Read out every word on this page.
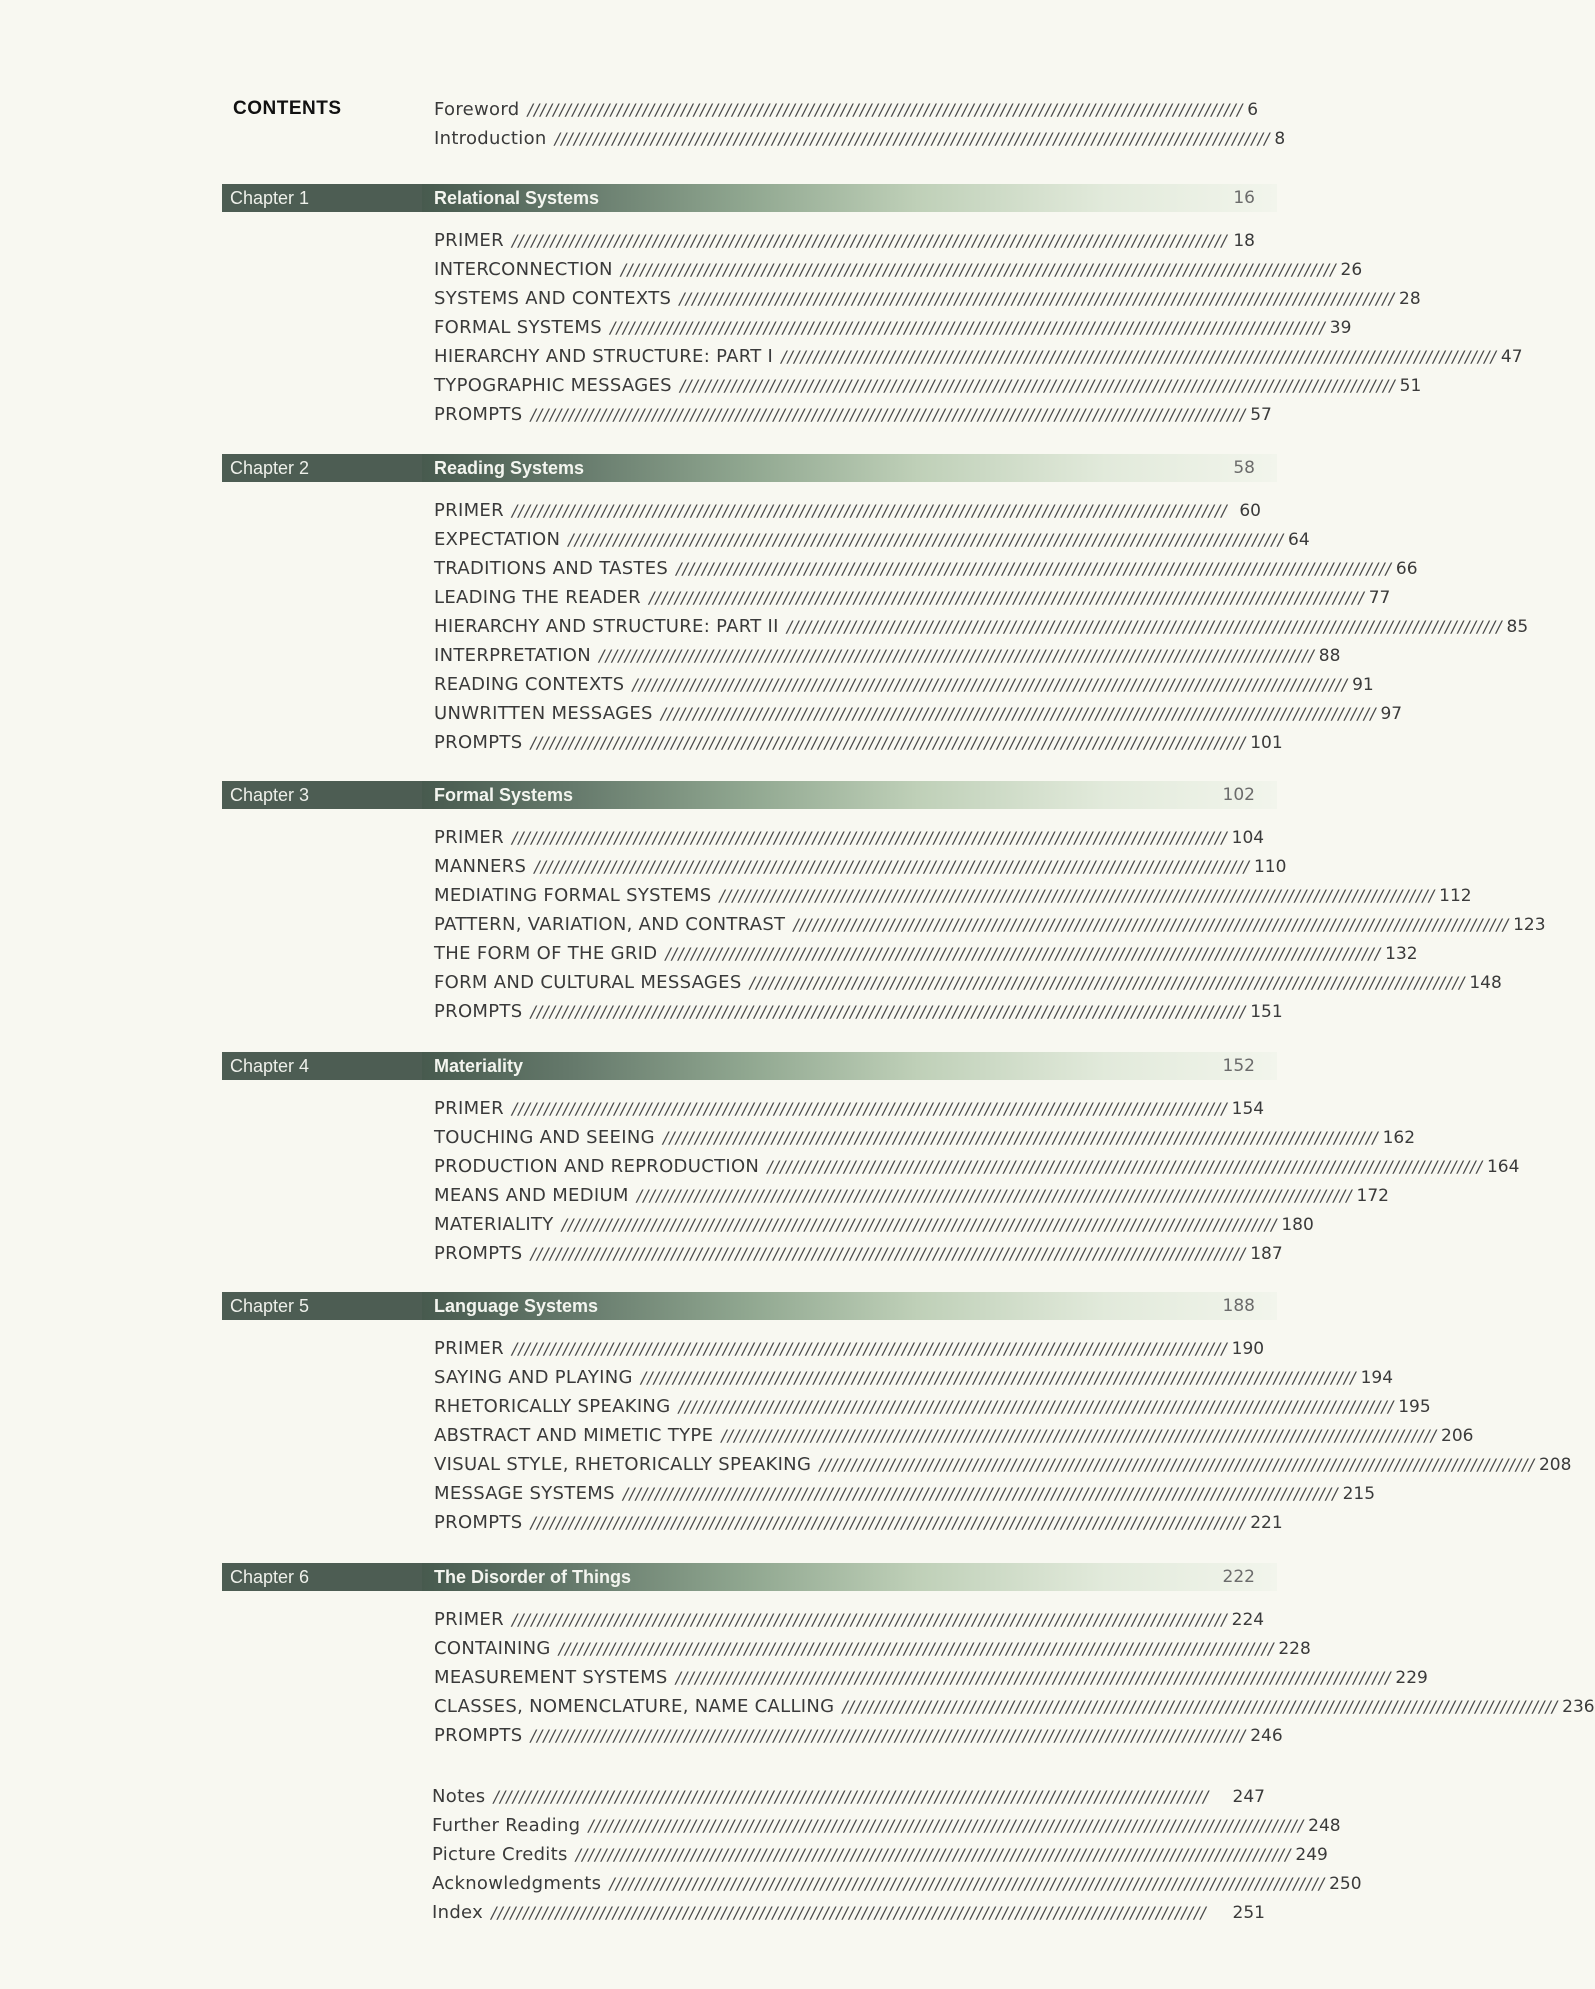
CONTENTS	Foreword //////////////////////////////////////////////////////////////////////////////////////////////////////////////// 6
Introduction //////////////////////////////////////////////////////////////////////////////////////////////////////////////// 8
Chapter 1	Relational Systems	16
PRIMER //////////////////////////////////////////////////////////////////////////////////////////////////////////////// 18
INTERCONNECTION //////////////////////////////////////////////////////////////////////////////////////////////////////////////// 26
SYSTEMS AND CONTEXTS //////////////////////////////////////////////////////////////////////////////////////////////////////////////// 28
FORMAL SYSTEMS //////////////////////////////////////////////////////////////////////////////////////////////////////////////// 39
HIERARCHY AND STRUCTURE: PART I //////////////////////////////////////////////////////////////////////////////////////////////////////////////// 47
TYPOGRAPHIC MESSAGES //////////////////////////////////////////////////////////////////////////////////////////////////////////////// 51
PROMPTS //////////////////////////////////////////////////////////////////////////////////////////////////////////////// 57
Chapter 2	Reading Systems	58
PRIMER //////////////////////////////////////////////////////////////////////////////////////////////////////////////// 60
EXPECTATION //////////////////////////////////////////////////////////////////////////////////////////////////////////////// 64
TRADITIONS AND TASTES //////////////////////////////////////////////////////////////////////////////////////////////////////////////// 66
LEADING THE READER //////////////////////////////////////////////////////////////////////////////////////////////////////////////// 77
HIERARCHY AND STRUCTURE: PART II //////////////////////////////////////////////////////////////////////////////////////////////////////////////// 85
INTERPRETATION //////////////////////////////////////////////////////////////////////////////////////////////////////////////// 88
READING CONTEXTS //////////////////////////////////////////////////////////////////////////////////////////////////////////////// 91
UNWRITTEN MESSAGES //////////////////////////////////////////////////////////////////////////////////////////////////////////////// 97
PROMPTS //////////////////////////////////////////////////////////////////////////////////////////////////////////////// 101
Chapter 3	Formal Systems	102
PRIMER //////////////////////////////////////////////////////////////////////////////////////////////////////////////// 104
MANNERS //////////////////////////////////////////////////////////////////////////////////////////////////////////////// 110
MEDIATING FORMAL SYSTEMS //////////////////////////////////////////////////////////////////////////////////////////////////////////////// 112
PATTERN, VARIATION, AND CONTRAST //////////////////////////////////////////////////////////////////////////////////////////////////////////////// 123
THE FORM OF THE GRID //////////////////////////////////////////////////////////////////////////////////////////////////////////////// 132
FORM AND CULTURAL MESSAGES //////////////////////////////////////////////////////////////////////////////////////////////////////////////// 148
PROMPTS //////////////////////////////////////////////////////////////////////////////////////////////////////////////// 151
Chapter 4	Materiality	152
PRIMER //////////////////////////////////////////////////////////////////////////////////////////////////////////////// 154
TOUCHING AND SEEING //////////////////////////////////////////////////////////////////////////////////////////////////////////////// 162
PRODUCTION AND REPRODUCTION //////////////////////////////////////////////////////////////////////////////////////////////////////////////// 164
MEANS AND MEDIUM //////////////////////////////////////////////////////////////////////////////////////////////////////////////// 172
MATERIALITY //////////////////////////////////////////////////////////////////////////////////////////////////////////////// 180
PROMPTS //////////////////////////////////////////////////////////////////////////////////////////////////////////////// 187
Chapter 5	Language Systems	188
PRIMER //////////////////////////////////////////////////////////////////////////////////////////////////////////////// 190
SAYING AND PLAYING //////////////////////////////////////////////////////////////////////////////////////////////////////////////// 194
RHETORICALLY SPEAKING //////////////////////////////////////////////////////////////////////////////////////////////////////////////// 195
ABSTRACT AND MIMETIC TYPE //////////////////////////////////////////////////////////////////////////////////////////////////////////////// 206
VISUAL STYLE, RHETORICALLY SPEAKING //////////////////////////////////////////////////////////////////////////////////////////////////////////////// 208
MESSAGE SYSTEMS //////////////////////////////////////////////////////////////////////////////////////////////////////////////// 215
PROMPTS //////////////////////////////////////////////////////////////////////////////////////////////////////////////// 221
Chapter 6	The Disorder of Things	222
PRIMER //////////////////////////////////////////////////////////////////////////////////////////////////////////////// 224
CONTAINING //////////////////////////////////////////////////////////////////////////////////////////////////////////////// 228
MEASUREMENT SYSTEMS //////////////////////////////////////////////////////////////////////////////////////////////////////////////// 229
CLASSES, NOMENCLATURE, NAME CALLING //////////////////////////////////////////////////////////////////////////////////////////////////////////////// 236
PROMPTS //////////////////////////////////////////////////////////////////////////////////////////////////////////////// 246
Notes ////////////////////////////////////////////////////////////////////////////////////////////////////////////////	247
Further Reading //////////////////////////////////////////////////////////////////////////////////////////////////////////////// 248
Picture Credits //////////////////////////////////////////////////////////////////////////////////////////////////////////////// 249
Acknowledgments //////////////////////////////////////////////////////////////////////////////////////////////////////////////// 250
Index ////////////////////////////////////////////////////////////////////////////////////////////////////////////////	251
